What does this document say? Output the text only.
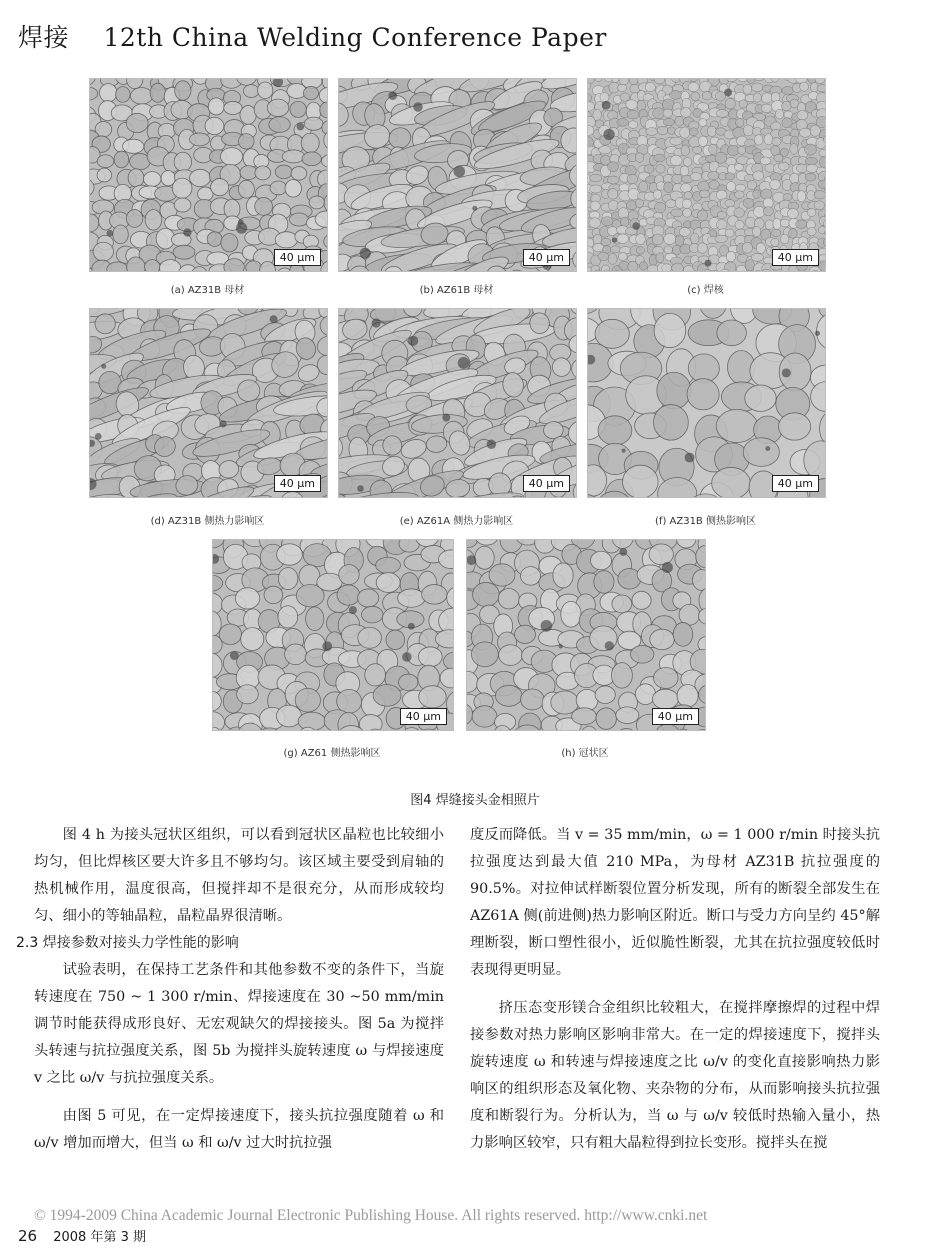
焊接 12th China Welding Conference Paper
40 μm
(a) AZ31B 母材
40 μm
(b) AZ61B 母材
40 μm
(c) 焊核
40 μm
(d) AZ31B 侧热力影响区
40 μm
(e) AZ61A 侧热力影响区
40 μm
(f) AZ31B 侧热影响区
40 μm
(g) AZ61 侧热影响区
40 μm
(h) 冠状区
图4 焊缝接头金相照片

图 4 h 为接头冠状区组织，可以看到冠状区晶粒也比较细小均匀，但比焊核区要大许多且不够均匀。该区域主要受到肩轴的热机械作用，温度很高，但搅拌却不是很充分，从而形成较均匀、细小的等轴晶粒，晶粒晶界很清晰。

2.3 焊接参数对接头力学性能的影响

试验表明，在保持工艺条件和其他参数不变的条件下，当旋转速度在 750 ~ 1 300 r/min、焊接速度在 30 ~50 mm/min 调节时能获得成形良好、无宏观缺欠的焊接接头。图 5a 为搅拌头转速与抗拉强度关系，图 5b 为搅拌头旋转速度 ω 与焊接速度 v 之比 ω/v 与抗拉强度关系。

由图 5 可见，在一定焊接速度下，接头抗拉强度随着 ω 和 ω/v 增加而增大，但当 ω 和 ω/v 过大时抗拉强

度反而降低。当 v = 35 mm/min，ω = 1 000 r/min 时接头抗拉强度达到最大值 210 MPa，为母材 AZ31B 抗拉强度的 90.5%。对拉伸试样断裂位置分析发现，所有的断裂全部发生在 AZ61A 侧(前进侧)热力影响区附近。断口与受力方向呈约 45°解理断裂，断口塑性很小，近似脆性断裂，尤其在抗拉强度较低时表现得更明显。

挤压态变形镁合金组织比较粗大，在搅拌摩擦焊的过程中焊接参数对热力影响区影响非常大。在一定的焊接速度下，搅拌头旋转速度 ω 和转速与焊接速度之比 ω/v 的变化直接影响热力影响区的组织形态及氧化物、夹杂物的分布，从而影响接头抗拉强度和断裂行为。分析认为，当 ω 与 ω/v 较低时热输入量小，热力影响区较窄，只有粗大晶粒得到拉长变形。搅拌头在搅

© 1994-2009 China Academic Journal Electronic Publishing House. All rights reserved. http://www.cnki.net
26 2008 年第 3 期
